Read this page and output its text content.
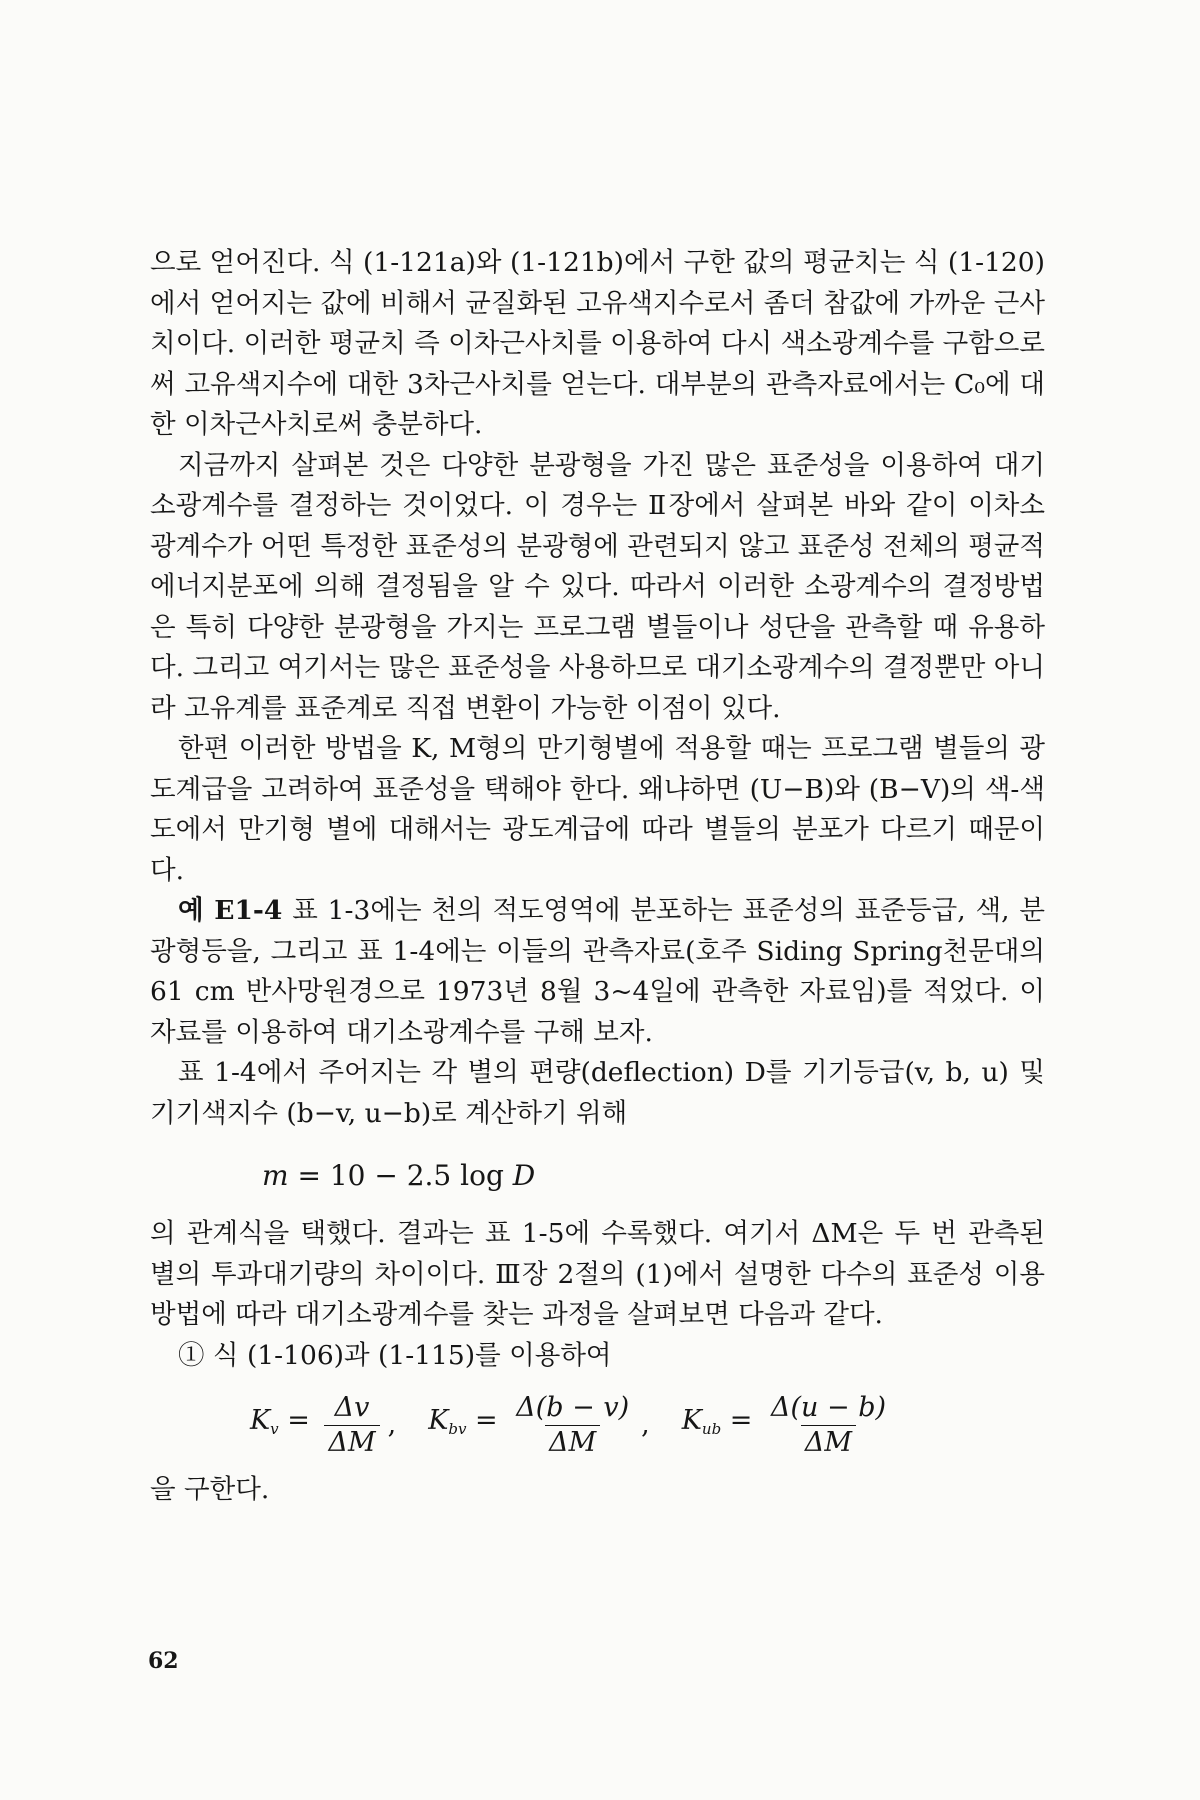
으로 얻어진다. 식 (1-121a)와 (1-121b)에서 구한 값의 평균치는 식 (1-120)에서 얻어지는 값에 비해서 균질화된 고유색지수로서 좀더 참값에 가까운 근사치이다. 이러한 평균치 즉 이차근사치를 이용하여 다시 색소광계수를 구함으로써 고유색지수에 대한 3차근사치를 얻는다. 대부분의 관측자료에서는 C₀에 대한 이차근사치로써 충분하다.

지금까지 살펴본 것은 다양한 분광형을 가진 많은 표준성을 이용하여 대기소광계수를 결정하는 것이었다. 이 경우는 Ⅱ장에서 살펴본 바와 같이 이차소광계수가 어떤 특정한 표준성의 분광형에 관련되지 않고 표준성 전체의 평균적 에너지분포에 의해 결정됨을 알 수 있다. 따라서 이러한 소광계수의 결정방법은 특히 다양한 분광형을 가지는 프로그램 별들이나 성단을 관측할 때 유용하다. 그리고 여기서는 많은 표준성을 사용하므로 대기소광계수의 결정뿐만 아니라 고유계를 표준계로 직접 변환이 가능한 이점이 있다.

한편 이러한 방법을 K, M형의 만기형별에 적용할 때는 프로그램 별들의 광도계급을 고려하여 표준성을 택해야 한다. 왜냐하면 (U−B)와 (B−V)의 색-색도에서 만기형 별에 대해서는 광도계급에 따라 별들의 분포가 다르기 때문이다.

예 E1-4 표 1-3에는 천의 적도영역에 분포하는 표준성의 표준등급, 색, 분광형등을, 그리고 표 1-4에는 이들의 관측자료(호주 Siding Spring천문대의 61 cm 반사망원경으로 1973년 8월 3~4일에 관측한 자료임)를 적었다. 이 자료를 이용하여 대기소광계수를 구해 보자.

표 1-4에서 주어지는 각 별의 편량(deflection) D를 기기등급(v, b, u) 및 기기색지수 (b−v, u−b)로 계산하기 위해

m = 10 − 2.5 log D

의 관계식을 택했다. 결과는 표 1-5에 수록했다. 여기서 ΔM은 두 번 관측된 별의 투과대기량의 차이이다. Ⅲ장 2절의 (1)에서 설명한 다수의 표준성 이용 방법에 따라 대기소광계수를 찾는 과정을 살펴보면 다음과 같다.

① 식 (1-106)과 (1-115)를 이용하여

$K_v = \frac{\Delta v}{\Delta M}$ , $K_{bv} = \frac{\Delta(b - v)}{\Delta M}$ , $K_{ub} = \frac{\Delta(u - b)}{\Delta M}$

을 구한다.

62
